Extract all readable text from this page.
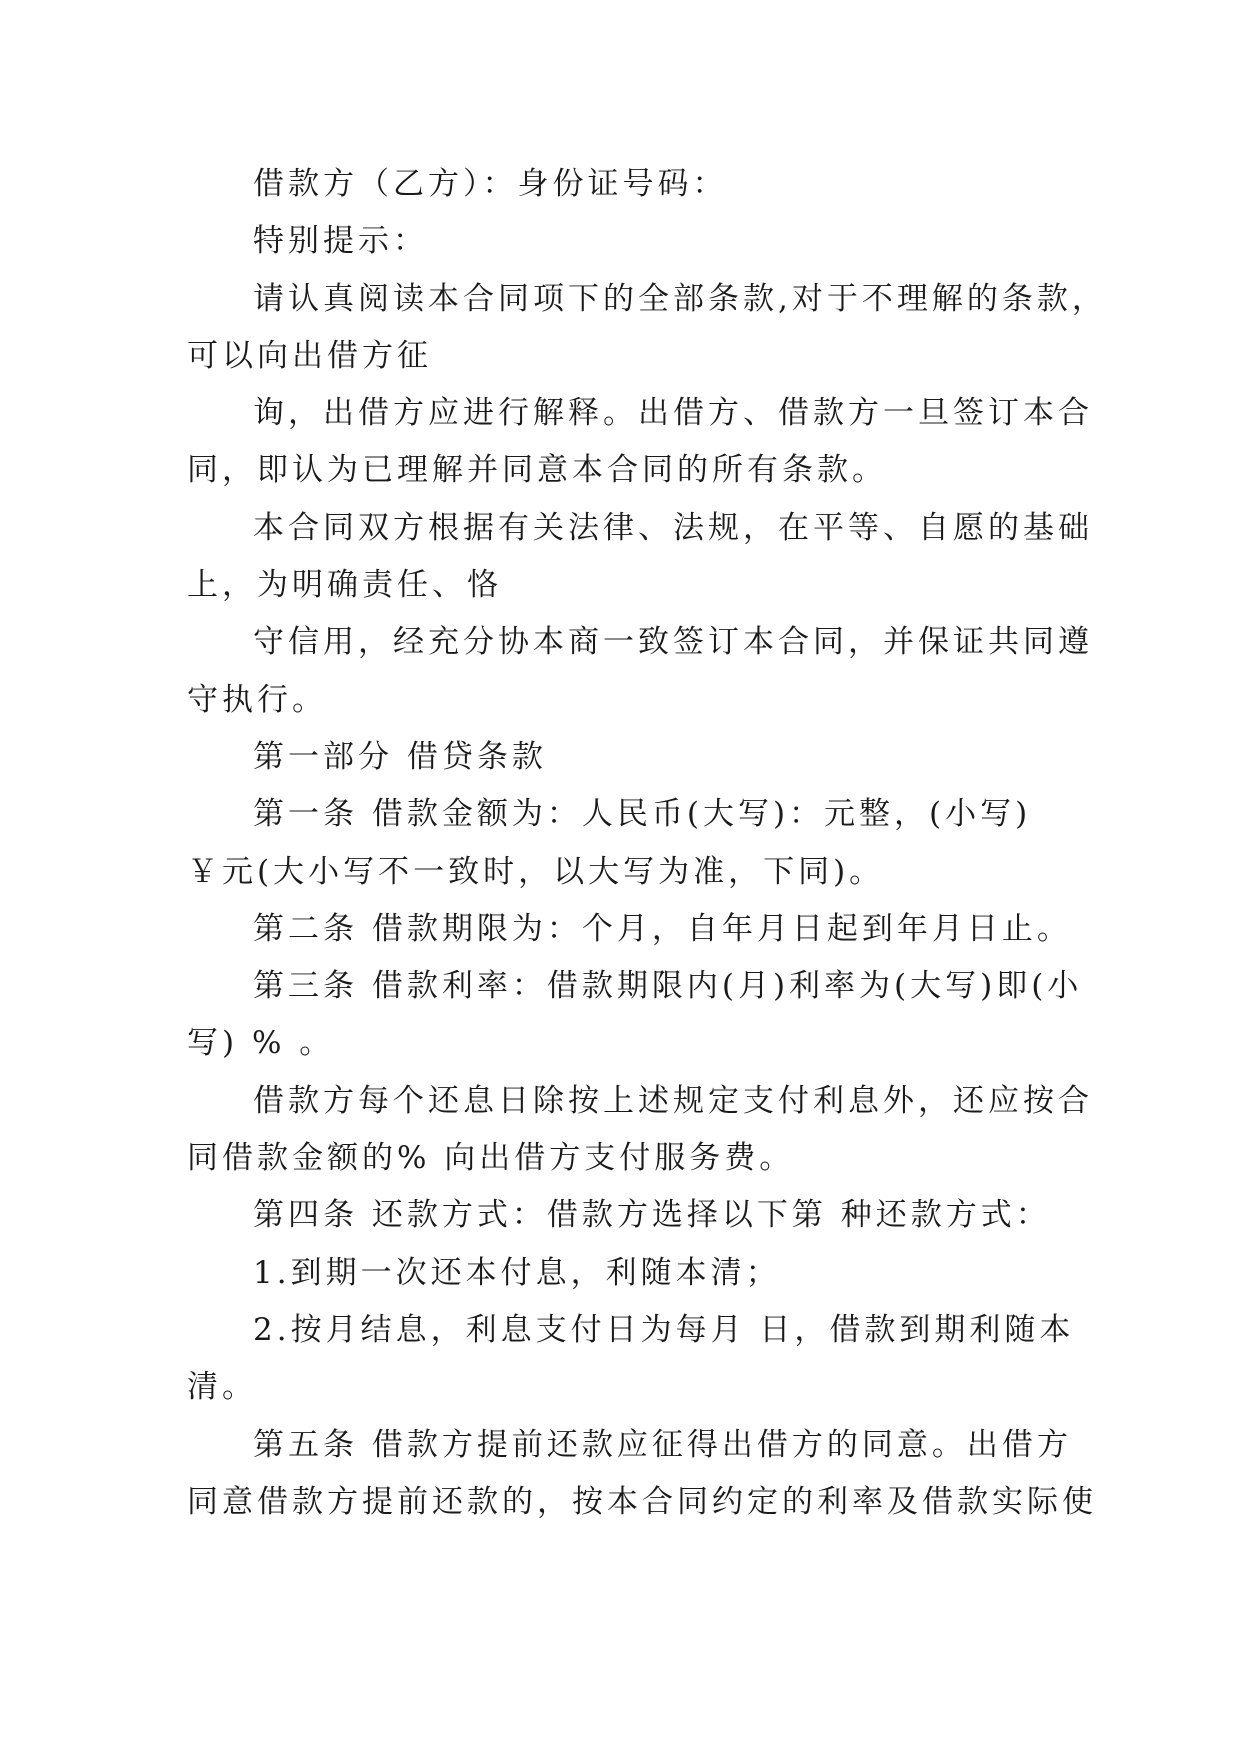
借款方（乙方）：身份证号码：

特别提示：

请认真阅读本合同项下的全部条款,对于不理解的条款，

可以向出借方征

询，出借方应进行解释。出借方、借款方一旦签订本合

同，即认为已理解并同意本合同的所有条款。

本合同双方根据有关法律、法规，在平等、自愿的基础

上，为明确责任、恪

守信用，经充分协本商一致签订本合同，并保证共同遵

守执行。

第一部分 借贷条款

第一条 借款金额为：人民币(大写)：元整，(小写)

￥元(大小写不一致时，以大写为准，下同)。

第二条 借款期限为：个月，自年月日起到年月日止。

第三条 借款利率：借款期限内(月)利率为(大写)即(小

写) % 。

借款方每个还息日除按上述规定支付利息外，还应按合

同借款金额的% 向出借方支付服务费。

第四条 还款方式：借款方选择以下第 种还款方式：

1.到期一次还本付息，利随本清；

2.按月结息，利息支付日为每月 日，借款到期利随本

清。

第五条 借款方提前还款应征得出借方的同意。出借方

同意借款方提前还款的，按本合同约定的利率及借款实际使
